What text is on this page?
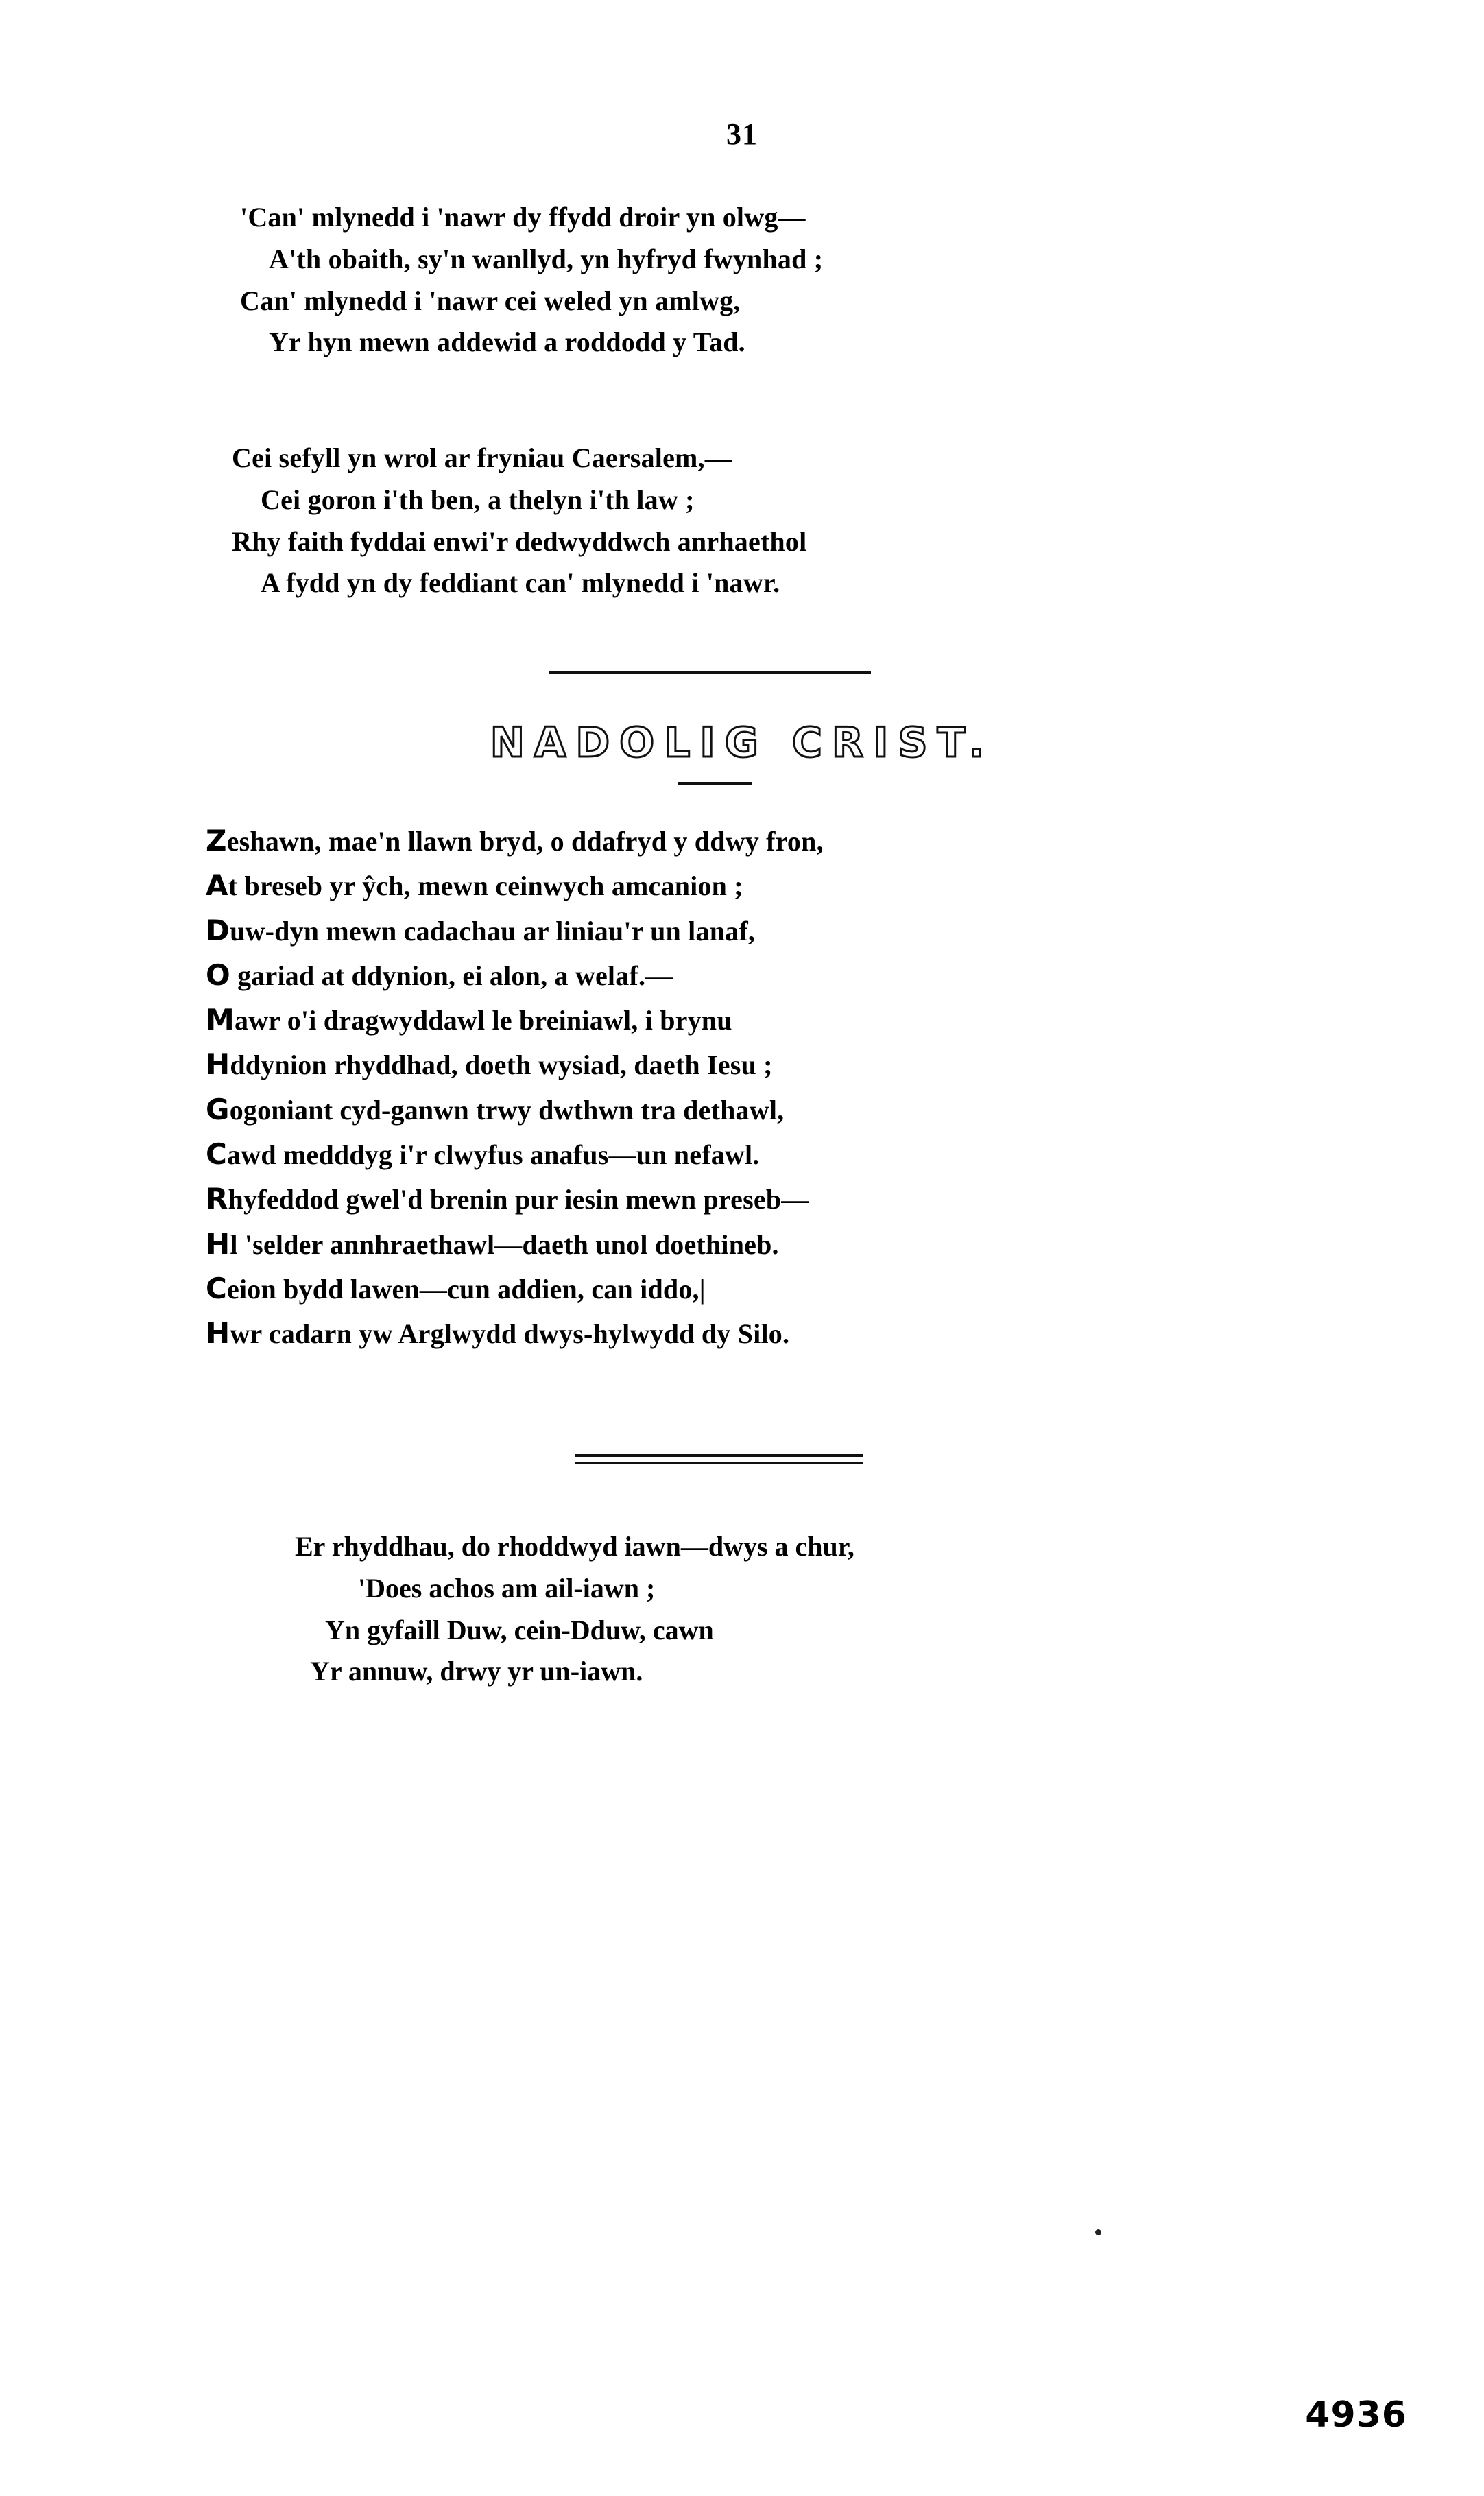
31
'Can' mlynedd i 'nawr dy ffydd droir yn olwg—
A'th obaith, sy'n wanllyd, yn hyfryd fwynhad ;
Can' mlynedd i 'nawr cei weled yn amlwg,
Yr hyn mewn addewid a roddodd y Tad.
Cei sefyll yn wrol ar fryniau Caersalem,—
Cei goron i'th ben, a thelyn i'th law ;
Rhy faith fyddai enwi'r dedwyddwch anrhaethol
A fydd yn dy feddiant can' mlynedd i 'nawr.
NADOLIG CRIST.
Zeshawn, mae'n llawn bryd, o ddafryd y ddwy fron,
At breseb yr ŷch, mewn ceinwych amcanion ;
Duw-dyn mewn cadachau ar liniau'r un lanaf,
O gariad at ddynion, ei alon, a welaf.—
Mawr o'i dragwyddawl le breiniawl, i brynu
Hddynion rhyddhad, doeth wysiad, daeth Iesu ;
Gogoniant cyd-ganwn trwy dwthwn tra dethawl,
Cawd medddyg i'r clwyfus anafus—un nefawl.
Rhyfeddod gwel'd brenin pur iesin mewn preseb—
Hl 'selder annhraethawl—daeth unol doethineb.
Ceion bydd lawen—cun addien, can iddo,|
Hwr cadarn yw Arglwydd dwys-hylwydd dy Silo.
Er rhyddhau, do rhoddwyd iawn—dwys a chur,
'Does achos am ail-iawn ;
Yn gyfaill Duw, cein-Dduw, cawn
Yr annuw, drwy yr un-iawn.
4936
